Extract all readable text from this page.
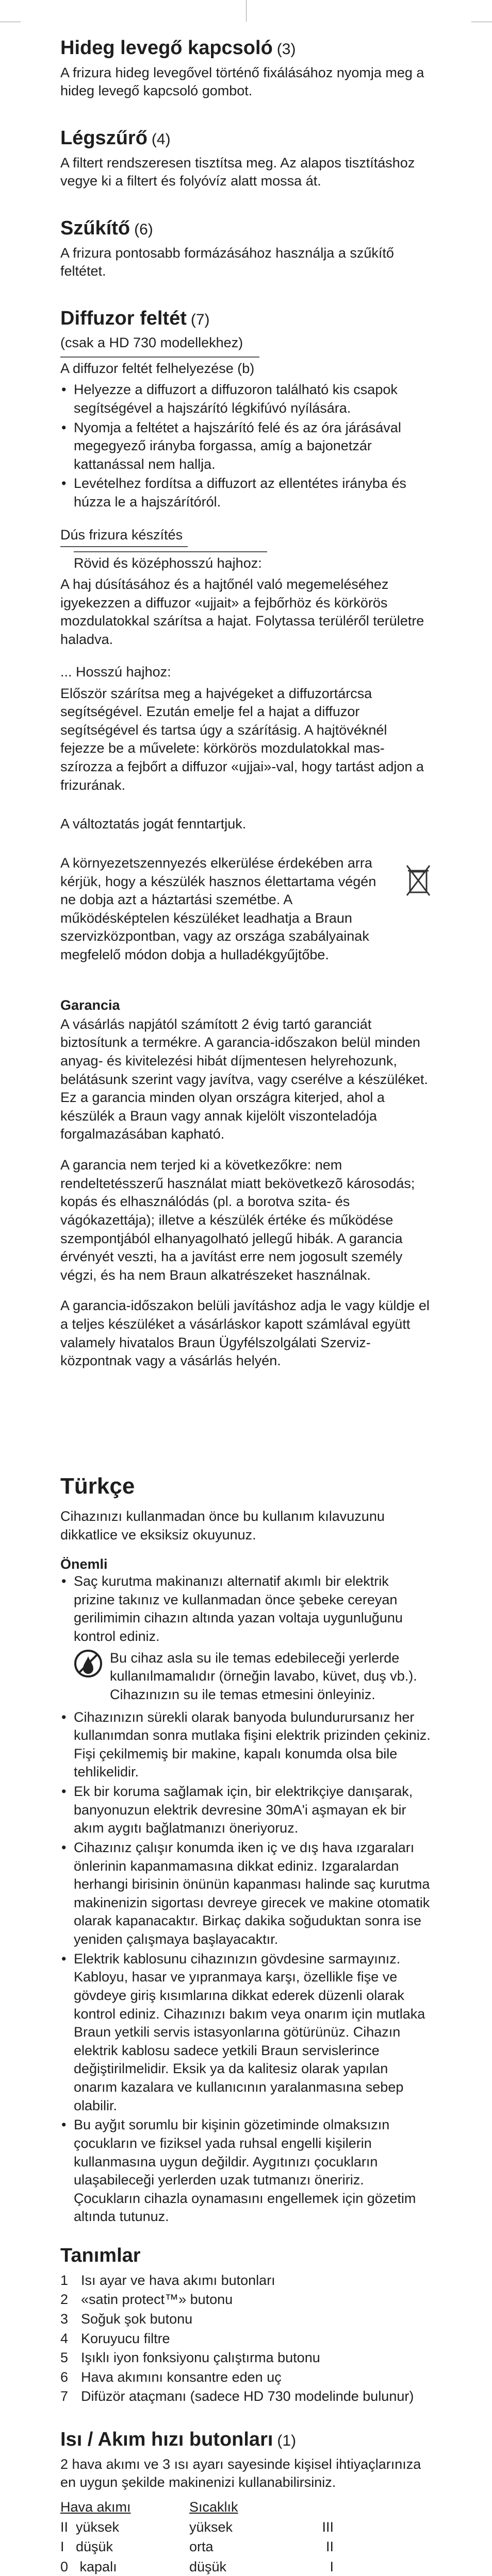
Hideg levegő kapcsoló (3)

A frizura hideg levegővel történő fixálásához nyomja meg a hideg levegő kapcsoló gombot.

Légszűrő (4)

A filtert rendszeresen tisztítsa meg. Az alapos tisztításhoz vegye ki a filtert és folyóvíz alatt mossa át.

Szűkítő (6)

A frizura pontosabb formázásához használja a szűkítő feltétet.

Diffuzor feltét (7)
(csak a HD 730 modellekhez)
A diffuzor feltét felhelyezése (b)
• Helyezze a diffuzort a diffuzoron található kis csapok segítségével a hajszárító légkifúvó nyílására.
• Nyomja a feltétet a hajszárító felé és az óra járásával megegyező irányba forgassa, amíg a bajonetzár kattanással nem hallja.
• Levételhez fordítsa a diffuzort az ellentétes irányba és húzza le a hajszárítóról.
Dús frizura készítés
Rövid és középhosszú hajhoz:

A haj dúsításához és a hajtőnél való megemeléséhez igyekezzen a diffuzor «ujjait» a fejbőrhöz és körkörös mozdulatokkal szárítsa a hajat. Folytassa terüléről területre haladva.

... Hosszú hajhoz:

Először szárítsa meg a hajvégeket a diffuzortárcsa segítségével. Ezután emelje fel a hajat a diffuzor segítségével és tartsa úgy a szárításig. A hajtövéknél fejezze be a művelete: körkörös mozdulatokkal mas-szírozza a fejbőrt a diffuzor «ujjai»-val, hogy tartást adjon a frizurának.

A változtatás jogát fenntartjuk.

A környezetszennyezés elkerülése érdekében arra kérjük, hogy a készülék hasznos élettartama végén ne dobja azt a háztartási szemétbe. A működésképtelen készüléket leadhatja a Braun szervizközpontban, vagy az országa szabályainak megfelelő módon dobja a hulladékgyűjtőbe.

Garancia

A vásárlás napjától számított 2 évig tartó garanciát biztosítunk a termékre. A garancia-időszakon belül minden anyag- és kivitelezési hibát díjmentesen helyrehozunk, belátásunk szerint vagy javítva, vagy cserélve a készüléket. Ez a garancia minden olyan országra kiterjed, ahol a készülék a Braun vagy annak kijelölt viszonteladója forgalmazásában kapható.

A garancia nem terjed ki a következőkre: nem rendeltetésszerű használat miatt bekövetkezõ károsodás; kopás és elhasználódás (pl. a borotva szita- és vágókazettája); illetve a készülék értéke és működése szempontjából elhanyagolható jellegű hibák. A garancia érvényét veszti, ha a javítást erre nem jogosult személy végzi, és ha nem Braun alkatrészeket használnak.

A garancia-időszakon belüli javításhoz adja le vagy küldje el a teljes készüléket a vásárláskor kapott számlával együtt valamely hivatalos Braun Ügyfélszolgálati Szerviz-központnak vagy a vásárlás helyén.

Türkçe

Cihazınızı kullanmadan önce bu kullanım kılavuzunu dikkatlice ve eksiksiz okuyunuz.

Önemli
• Saç kurutma makinanızı alternatif akımlı bir elektrik prizine takınız ve kullanmadan önce şebeke cereyan gerilimimin cihazın altında yazan voltaja uygunluğunu kontrol ediniz.

Bu cihaz asla su ile temas edebileceği yerlerde kullanılmamalıdır (örneğin lavabo, küvet, duş vb.). Cihazınızın su ile temas etmesini önleyiniz.

• Cihazınızın sürekli olarak banyoda bulundurursanız her kullanımdan sonra mutlaka fişini elektrik prizinden çekiniz. Fişi çekilmemiş bir makine, kapalı konumda olsa bile tehlikelidir.
• Ek bir koruma sağlamak için, bir elektrikçiye danışarak, banyonuzun elektrik devresine 30mA'i aşmayan ek bir akım aygıtı bağlatmanızı öneriyoruz.
• Cihazınız çalışır konumda iken iç ve dış hava ızgaraları önlerinin kapanmamasına dikkat ediniz. Izgaralardan herhangi birisinin önünün kapanması halinde saç kurutma makinenizin sigortası devreye girecek ve makine otomatik olarak kapanacaktır. Birkaç dakika soğuduktan sonra ise yeniden çalışmaya başlayacaktır.
• Elektrik kablosunu cihazınızın gövdesine sarmayınız. Kabloyu, hasar ve yıpranmaya karşı, özellikle fişe ve gövdeye giriş kısımlarına dikkat ederek düzenli olarak kontrol ediniz. Cihazınızı bakım veya onarım için mutlaka Braun yetkili servis istasyonlarına götürünüz. Cihazın elektrik kablosu sadece yetkili Braun servislerince değiştirilmelidir. Eksik ya da kalitesiz olarak yapılan onarım kazalara ve kullanıcının yaralanmasına sebep olabilir.
• Bu ayğıt sorumlu bir kişinin gözetiminde olmaksızın çocukların ve fiziksel yada ruhsal engelli kişilerin kullanmasına uygun değildir. Aygıtınızı çocukların ulaşabileceği yerlerden uzak tutmanızı öneririz. Çocukların cihazla oynamasını engellemek için gözetim altında tutunuz.
Tanımlar
1 Isı ayar ve hava akımı butonları
2 «satin protect™» butonu
3 Soğuk şok butonu
4 Koruyucu filtre
5 Işıklı iyon fonksiyonu çalıştırma butonu
6 Hava akımını konsantre eden uç
7 Difüzör ataçmanı (sadece HD 730 modelinde bulunur)
Isı / Akım hızı butonları (1)

2 hava akımı ve 3 ısı ayarı sayesinde kişisel ihtiyaçlarınıza en uygun şekilde makinenizi kullanabilirsiniz.

Hava akımı	Sıcaklık	
II  yüksek	yüksek	III
I   düşük	orta	II
0   kapalı	düşük	I
